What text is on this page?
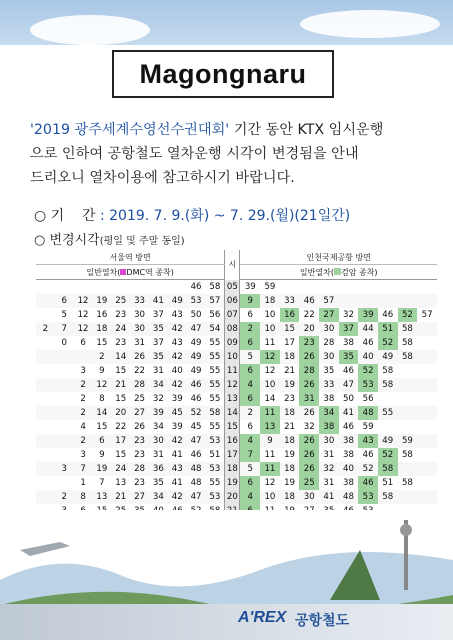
Magongnaru
'2019 광주세계수영선수권대회' 기간 동안 KTX 임시운행
으로 인하여 공항철도 열차운행 시각이 변경됨을 안내
드리오니 열차이용에 참고하시기 바랍니다.
○ 기    간 : 2019. 7. 9.(화) ~ 7. 29.(월)(21일간)
○ 변경시각(평일 및 주말 동일)
서울역 방면										시	인천국제공항 방면									
일반열차( DMC역 종착)											일반열차( 검암 종착)									
								46	58	05	39	59								
	6	12	19	25	33	41	49	53	57	06	9	18	33	46	57					
	5	12	16	23	30	37	43	50	56	07	6	10	16	22	27	32	39	46	52	57
2	7	12	18	24	30	35	42	47	54	08	2	10	15	20	30	37	44	51	58	
	0	6	15	23	31	37	43	49	55	09	6	11	17	23	28	38	46	52	58	
			2	14	26	35	42	49	55	10	5	12	18	26	30	35	40	49	58	
		3	9	15	22	31	40	49	55	11	6	12	21	28	35	46	52	58		
		2	12	21	28	34	42	46	55	12	4	10	19	26	33	47	53	58		
		2	8	15	25	32	39	46	55	13	6	14	23	31	38	50	56			
		2	14	20	27	39	45	52	58	14	2	11	18	26	34	41	48	55		
		4	15	22	26	34	39	45	55	15	6	13	21	32	38	46	59			
		2	6	17	23	30	42	47	53	16	4	9	18	26	30	38	43	49	59	
		3	9	15	23	31	41	46	51	17	7	11	19	26	31	38	46	52	58	
	3	7	19	24	28	36	43	48	53	18	5	11	18	26	32	40	52	58		
		1	7	13	23	35	41	48	55	19	6	12	19	25	31	38	46	51	58	
	2	8	13	21	27	34	42	47	53	20	4	10	18	30	41	48	53	58		

A'REX 공항철도
